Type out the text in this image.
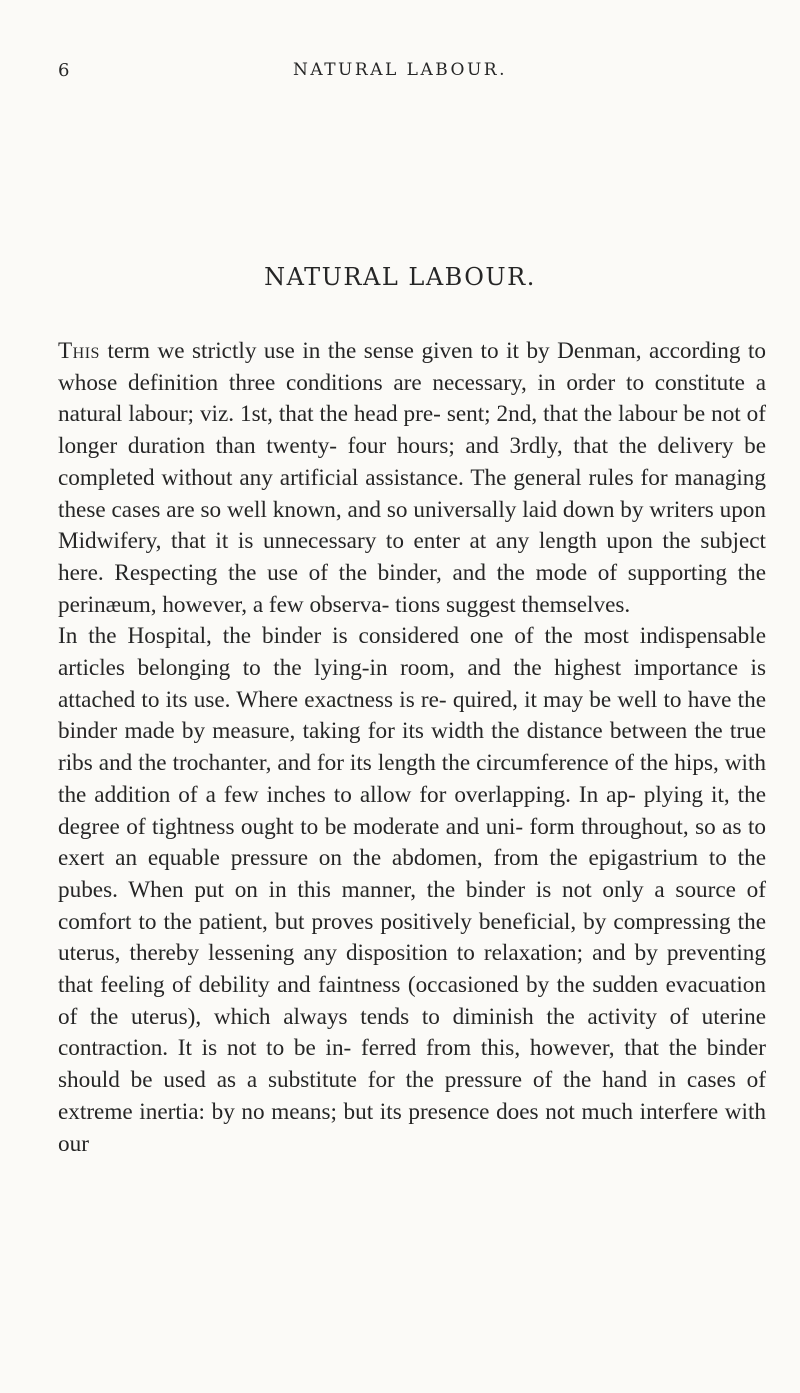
6	NATURAL LABOUR.
NATURAL LABOUR.

This term we strictly use in the sense given to it by Denman, according to whose definition three conditions are necessary, in order to constitute a natural labour; viz. 1st, that the head pre- sent; 2nd, that the labour be not of longer duration than twenty- four hours; and 3rdly, that the delivery be completed without any artificial assistance. The general rules for managing these cases are so well known, and so universally laid down by writers upon Midwifery, that it is unnecessary to enter at any length upon the subject here. Respecting the use of the binder, and the mode of supporting the perinæum, however, a few observa- tions suggest themselves.

In the Hospital, the binder is considered one of the most indispensable articles belonging to the lying-in room, and the highest importance is attached to its use. Where exactness is re- quired, it may be well to have the binder made by measure, taking for its width the distance between the true ribs and the trochanter, and for its length the circumference of the hips, with the addition of a few inches to allow for overlapping. In ap- plying it, the degree of tightness ought to be moderate and uni- form throughout, so as to exert an equable pressure on the abdomen, from the epigastrium to the pubes. When put on in this manner, the binder is not only a source of comfort to the patient, but proves positively beneficial, by compressing the uterus, thereby lessening any disposition to relaxation; and by preventing that feeling of debility and faintness (occasioned by the sudden evacuation of the uterus), which always tends to diminish the activity of uterine contraction. It is not to be in- ferred from this, however, that the binder should be used as a substitute for the pressure of the hand in cases of extreme inertia: by no means; but its presence does not much interfere with our
